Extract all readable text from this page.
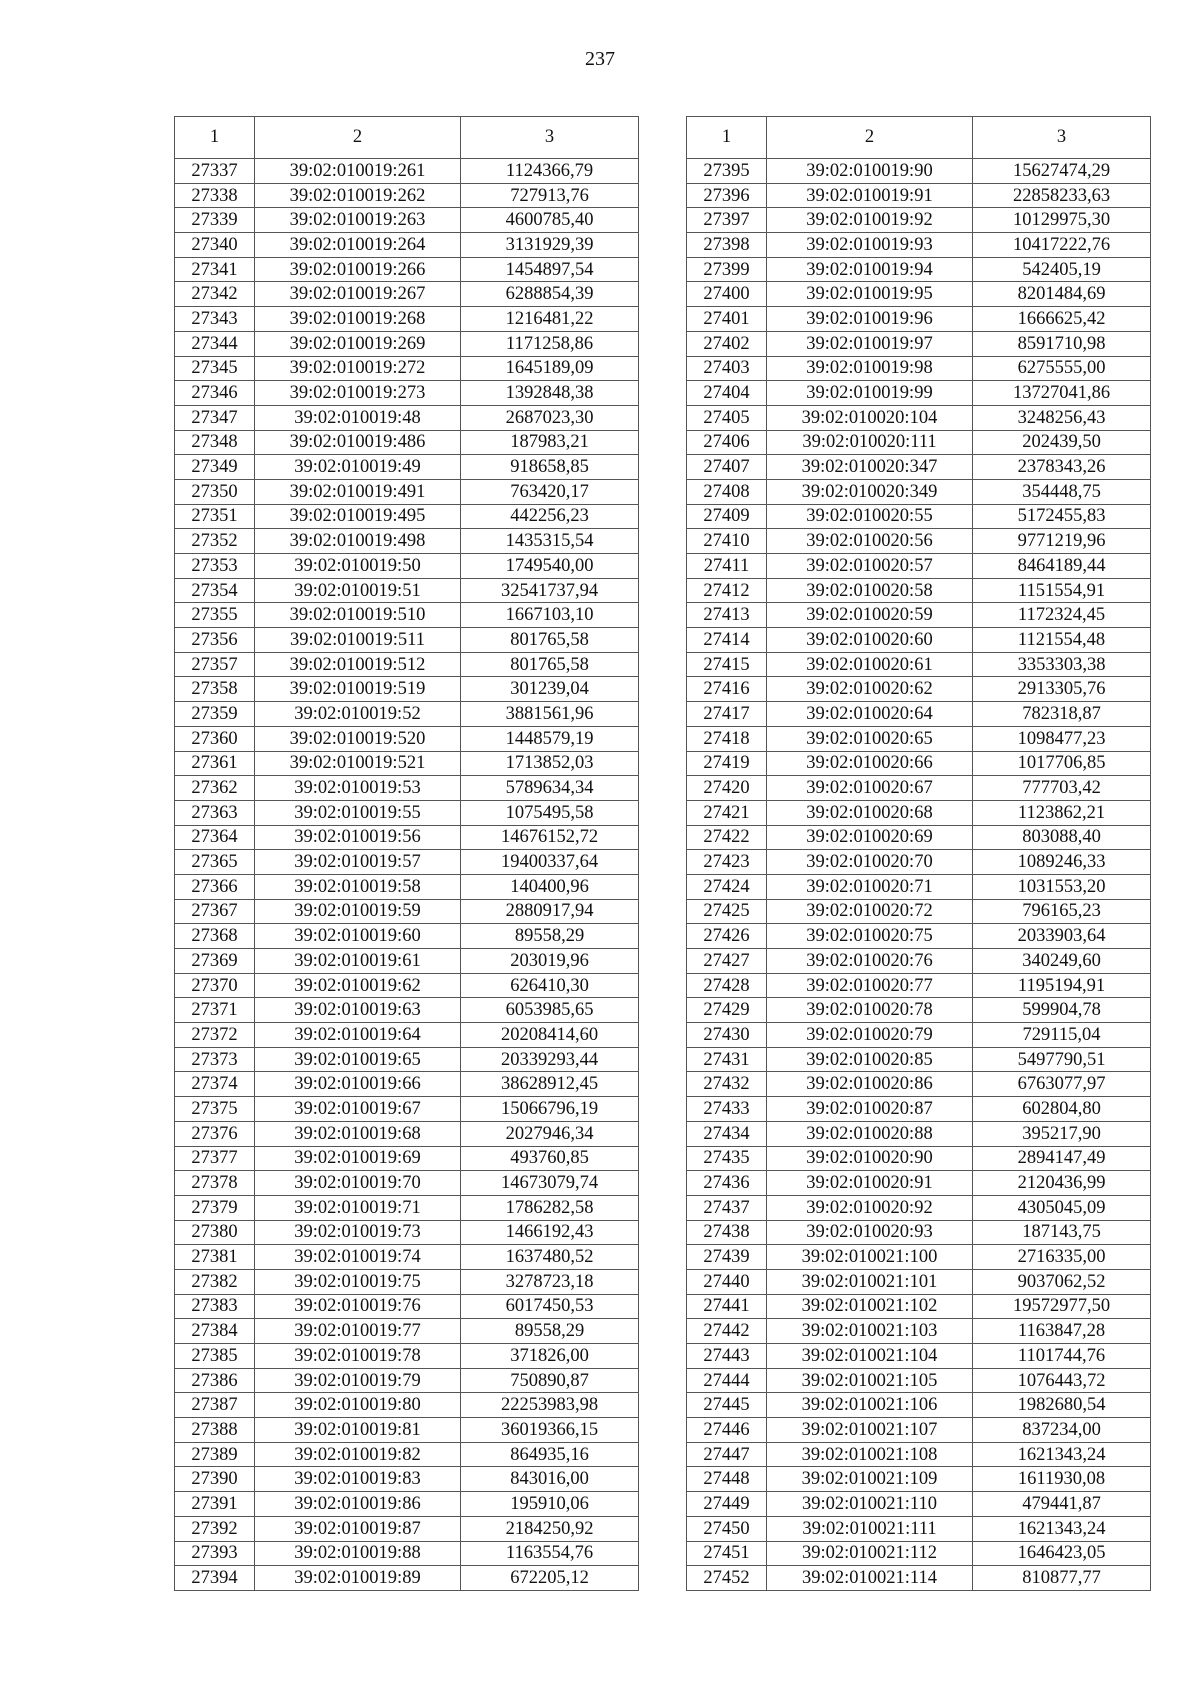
237
1	2	3
27337	39:02:010019:261	1124366,79
27338	39:02:010019:262	727913,76
27339	39:02:010019:263	4600785,40
27340	39:02:010019:264	3131929,39
27341	39:02:010019:266	1454897,54
27342	39:02:010019:267	6288854,39
27343	39:02:010019:268	1216481,22
27344	39:02:010019:269	1171258,86
27345	39:02:010019:272	1645189,09
27346	39:02:010019:273	1392848,38
27347	39:02:010019:48	2687023,30
27348	39:02:010019:486	187983,21
27349	39:02:010019:49	918658,85
27350	39:02:010019:491	763420,17
27351	39:02:010019:495	442256,23
27352	39:02:010019:498	1435315,54
27353	39:02:010019:50	1749540,00
27354	39:02:010019:51	32541737,94
27355	39:02:010019:510	1667103,10
27356	39:02:010019:511	801765,58
27357	39:02:010019:512	801765,58
27358	39:02:010019:519	301239,04
27359	39:02:010019:52	3881561,96
27360	39:02:010019:520	1448579,19
27361	39:02:010019:521	1713852,03
27362	39:02:010019:53	5789634,34
27363	39:02:010019:55	1075495,58
27364	39:02:010019:56	14676152,72
27365	39:02:010019:57	19400337,64
27366	39:02:010019:58	140400,96
27367	39:02:010019:59	2880917,94
27368	39:02:010019:60	89558,29
27369	39:02:010019:61	203019,96
27370	39:02:010019:62	626410,30
27371	39:02:010019:63	6053985,65
27372	39:02:010019:64	20208414,60
27373	39:02:010019:65	20339293,44
27374	39:02:010019:66	38628912,45
27375	39:02:010019:67	15066796,19
27376	39:02:010019:68	2027946,34
27377	39:02:010019:69	493760,85
27378	39:02:010019:70	14673079,74
27379	39:02:010019:71	1786282,58
27380	39:02:010019:73	1466192,43
27381	39:02:010019:74	1637480,52
27382	39:02:010019:75	3278723,18
27383	39:02:010019:76	6017450,53
27384	39:02:010019:77	89558,29
27385	39:02:010019:78	371826,00
27386	39:02:010019:79	750890,87
27387	39:02:010019:80	22253983,98
27388	39:02:010019:81	36019366,15
27389	39:02:010019:82	864935,16
27390	39:02:010019:83	843016,00
27391	39:02:010019:86	195910,06
27392	39:02:010019:87	2184250,92
27393	39:02:010019:88	1163554,76
27394	39:02:010019:89	672205,12
1	2	3
27395	39:02:010019:90	15627474,29
27396	39:02:010019:91	22858233,63
27397	39:02:010019:92	10129975,30
27398	39:02:010019:93	10417222,76
27399	39:02:010019:94	542405,19
27400	39:02:010019:95	8201484,69
27401	39:02:010019:96	1666625,42
27402	39:02:010019:97	8591710,98
27403	39:02:010019:98	6275555,00
27404	39:02:010019:99	13727041,86
27405	39:02:010020:104	3248256,43
27406	39:02:010020:111	202439,50
27407	39:02:010020:347	2378343,26
27408	39:02:010020:349	354448,75
27409	39:02:010020:55	5172455,83
27410	39:02:010020:56	9771219,96
27411	39:02:010020:57	8464189,44
27412	39:02:010020:58	1151554,91
27413	39:02:010020:59	1172324,45
27414	39:02:010020:60	1121554,48
27415	39:02:010020:61	3353303,38
27416	39:02:010020:62	2913305,76
27417	39:02:010020:64	782318,87
27418	39:02:010020:65	1098477,23
27419	39:02:010020:66	1017706,85
27420	39:02:010020:67	777703,42
27421	39:02:010020:68	1123862,21
27422	39:02:010020:69	803088,40
27423	39:02:010020:70	1089246,33
27424	39:02:010020:71	1031553,20
27425	39:02:010020:72	796165,23
27426	39:02:010020:75	2033903,64
27427	39:02:010020:76	340249,60
27428	39:02:010020:77	1195194,91
27429	39:02:010020:78	599904,78
27430	39:02:010020:79	729115,04
27431	39:02:010020:85	5497790,51
27432	39:02:010020:86	6763077,97
27433	39:02:010020:87	602804,80
27434	39:02:010020:88	395217,90
27435	39:02:010020:90	2894147,49
27436	39:02:010020:91	2120436,99
27437	39:02:010020:92	4305045,09
27438	39:02:010020:93	187143,75
27439	39:02:010021:100	2716335,00
27440	39:02:010021:101	9037062,52
27441	39:02:010021:102	19572977,50
27442	39:02:010021:103	1163847,28
27443	39:02:010021:104	1101744,76
27444	39:02:010021:105	1076443,72
27445	39:02:010021:106	1982680,54
27446	39:02:010021:107	837234,00
27447	39:02:010021:108	1621343,24
27448	39:02:010021:109	1611930,08
27449	39:02:010021:110	479441,87
27450	39:02:010021:111	1621343,24
27451	39:02:010021:112	1646423,05
27452	39:02:010021:114	810877,77
